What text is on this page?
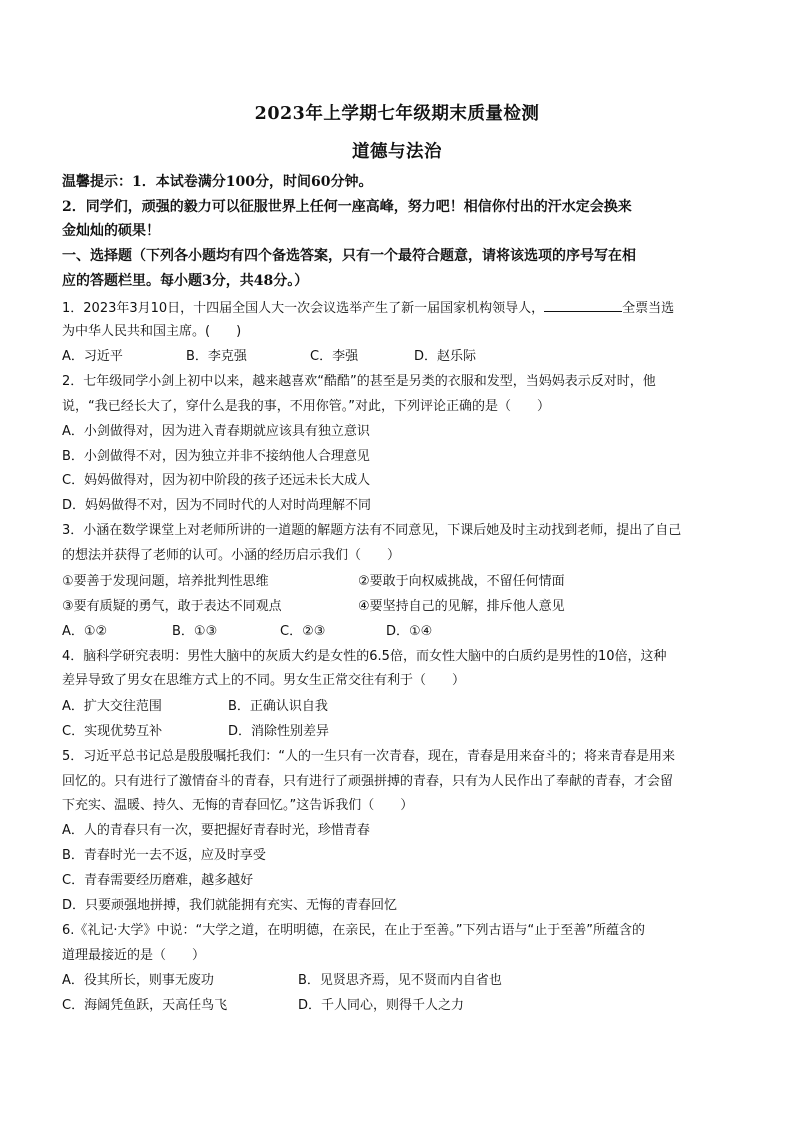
2023年上学期七年级期末质量检测
道德与法治
温馨提示：1．本试卷满分100分，时间60分钟。
2．同学们，顽强的毅力可以征服世界上任何一座高峰，努力吧！相信你付出的汗水定会换来
金灿灿的硕果！
一、选择题（下列各小题均有四个备选答案，只有一个最符合题意，请将该选项的序号写在相
应的答题栏里。每小题3分，共48分。）
1．2023年3月10日，十四届全国人大一次会议选举产生了新一届国家机构领导人，	全票当选
为中华人民共和国主席。(　　)
A．习近平	B．李克强	C．李强	D．赵乐际
2．七年级同学小剑上初中以来，越来越喜欢“酷酷”的甚至是另类的衣服和发型，当妈妈表示反对时，他
说，“我已经长大了，穿什么是我的事，不用你管。”对此，下列评论正确的是（　　）
A．小剑做得对，因为进入青春期就应该具有独立意识
B．小剑做得不对，因为独立并非不接纳他人合理意见
C．妈妈做得对，因为初中阶段的孩子还远未长大成人
D．妈妈做得不对，因为不同时代的人对时尚理解不同
3．小涵在数学课堂上对老师所讲的一道题的解题方法有不同意见，下课后她及时主动找到老师，提出了自己
的想法并获得了老师的认可。小涵的经历启示我们（　　）
①要善于发现问题，培养批判性思维	②要敢于向权威挑战，不留任何情面
③要有质疑的勇气，敢于表达不同观点	④要坚持自己的见解，排斥他人意见
A．①②	B．①③	C．②③	D．①④
4．脑科学研究表明：男性大脑中的灰质大约是女性的6.5倍，而女性大脑中的白质约是男性的10倍，这种
差异导致了男女在思维方式上的不同。男女生正常交往有利于（　　）
A．扩大交往范围	B．正确认识自我
C．实现优势互补	D．消除性别差异
5．习近平总书记总是殷殷嘱托我们：“人的一生只有一次青春，现在，青春是用来奋斗的；将来青春是用来
回忆的。只有进行了激情奋斗的青春，只有进行了顽强拼搏的青春，只有为人民作出了奉献的青春，才会留
下充实、温暖、持久、无悔的青春回忆。”这告诉我们（　　）
A．人的青春只有一次，要把握好青春时光，珍惜青春
B．青春时光一去不返，应及时享受
C．青春需要经历磨难，越多越好
D．只要顽强地拼搏，我们就能拥有充实、无悔的青春回忆
6.《礼记·大学》中说：“大学之道，在明明德，在亲民，在止于至善。”下列古语与“止于至善”所蕴含的
道理最接近的是（　　）
A．役其所长，则事无废功	B．见贤思齐焉，见不贤而内自省也
C．海阔凭鱼跃，天高任鸟飞	D．千人同心，则得千人之力
